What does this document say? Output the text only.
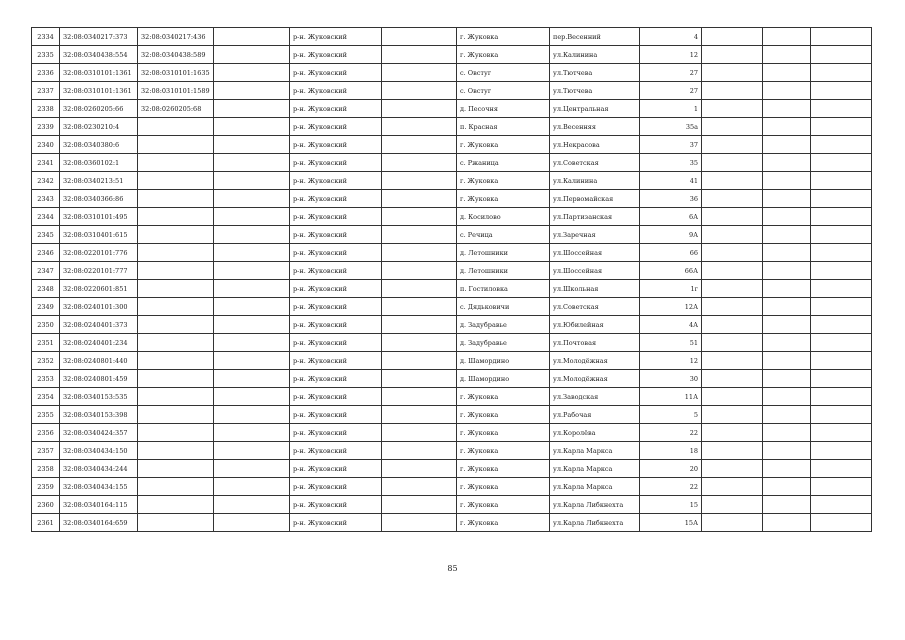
2334	32:08:0340217:373	32:08:0340217:436		р-н. Жуковский		г. Жуковка	пер.Весенний	4			
2335	32:08:0340438:554	32:08:0340438:589		р-н. Жуковский		г. Жуковка	ул.Калинина	12			
2336	32:08:0310101:1361	32:08:0310101:1635		р-н. Жуковский		с. Овстуг	ул.Тютчева	27			
2337	32:08:0310101:1361	32:08:0310101:1589		р-н. Жуковский		с. Овстуг	ул.Тютчева	27			
2338	32:08:0260205:66	32:08:0260205:68		р-н. Жуковский		д. Песочня	ул.Центральная	1			
2339	32:08:0230210:4			р-н. Жуковский		п. Красная	ул.Весенняя	35а			
2340	32:08:0340380:6			р-н. Жуковский		г. Жуковка	ул.Некрасова	37			
2341	32:08:0360102:1			р-н. Жуковский		с. Ржаница	ул.Советская	35			
2342	32:08:0340213:51			р-н. Жуковский		г. Жуковка	ул.Калинина	41			
2343	32:08:0340366:86			р-н. Жуковский		г. Жуковка	ул.Первомайская	36			
2344	32:08:0310101:495			р-н. Жуковский		д. Косилово	ул.Партизанская	6А			
2345	32:08:0310401:615			р-н. Жуковский		с. Речица	ул.Заречная	9А			
2346	32:08:0220101:776			р-н. Жуковский		д. Летошники	ул.Шоссейная	66			
2347	32:08:0220101:777			р-н. Жуковский		д. Летошники	ул.Шоссейная	66А			
2348	32:08:0220601:851			р-н. Жуковский		п. Гостиловка	ул.Школьная	1г			
2349	32:08:0240101:300			р-н. Жуковский		с. Дядьковичи	ул.Советская	12А			
2350	32:08:0240401:373			р-н. Жуковский		д. Задубравье	ул.Юбилейная	4А			
2351	32:08:0240401:234			р-н. Жуковский		д. Задубравье	ул.Почтовая	51			
2352	32:08:0240801:440			р-н. Жуковский		д. Шамордино	ул.Молодёжная	12			
2353	32:08:0240801:459			р-н. Жуковский		д. Шамордино	ул.Молодёжная	30			
2354	32:08:0340153:535			р-н. Жуковский		г. Жуковка	ул.Заводская	11А			
2355	32:08:0340153:398			р-н. Жуковский		г. Жуковка	ул.Рабочая	5			
2356	32:08:0340424:357			р-н. Жуковский		г. Жуковка	ул.Королёва	22			
2357	32:08:0340434:150			р-н. Жуковский		г. Жуковка	ул.Карла Маркса	18			
2358	32:08:0340434:244			р-н. Жуковский		г. Жуковка	ул.Карла Маркса	20			
2359	32:08:0340434:155			р-н. Жуковский		г. Жуковка	ул.Карла Маркса	22			
2360	32:08:0340164:115			р-н. Жуковский		г. Жуковка	ул.Карла Либкнехта	15			
2361	32:08:0340164:659			р-н. Жуковский		г. Жуковка	ул.Карла Либкнехта	15А			
85
